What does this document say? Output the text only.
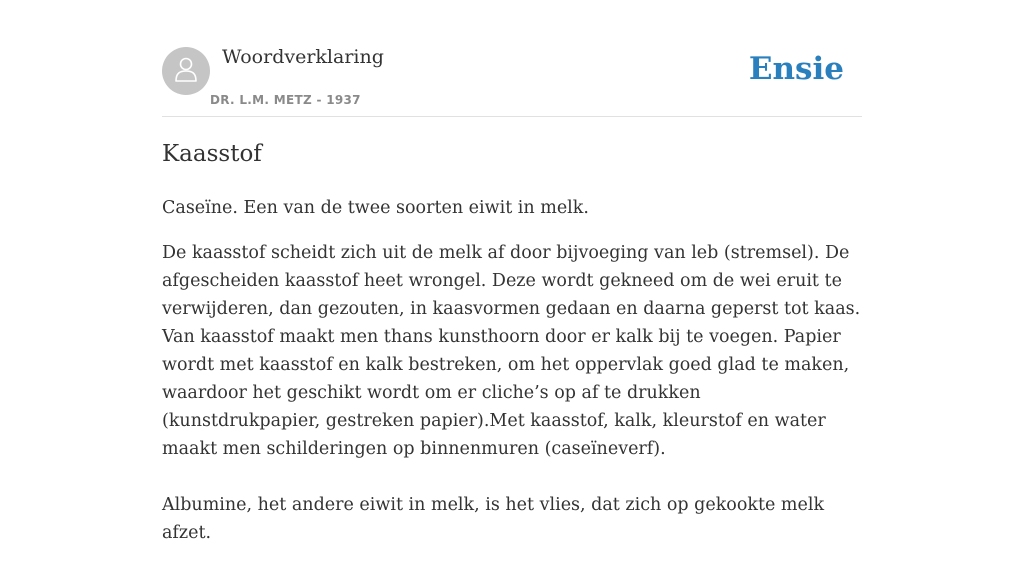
Woordverklaring
DR. L.M. METZ - 1937
Ensie
Kaasstof

Caseïne. Een van de twee soorten eiwit in melk.

De kaasstof scheidt zich uit de melk af door bijvoeging van leb (stremsel). De afgescheiden kaasstof heet wrongel. Deze wordt gekneed om de wei eruit te verwijderen, dan gezouten, in kaasvormen gedaan en daarna geperst tot kaas. Van kaasstof maakt men thans kunsthoorn door er kalk bij te voegen. Papier wordt met kaasstof en kalk bestreken, om het oppervlak goed glad te maken, waardoor het geschikt wordt om er cliche’s op af te drukken (kunstdrukpapier, gestreken papier).Met kaasstof, kalk, kleurstof en water maakt men schilderingen op binnenmuren (caseïneverf).

Albumine, het andere eiwit in melk, is het vlies, dat zich op gekookte melk afzet.
